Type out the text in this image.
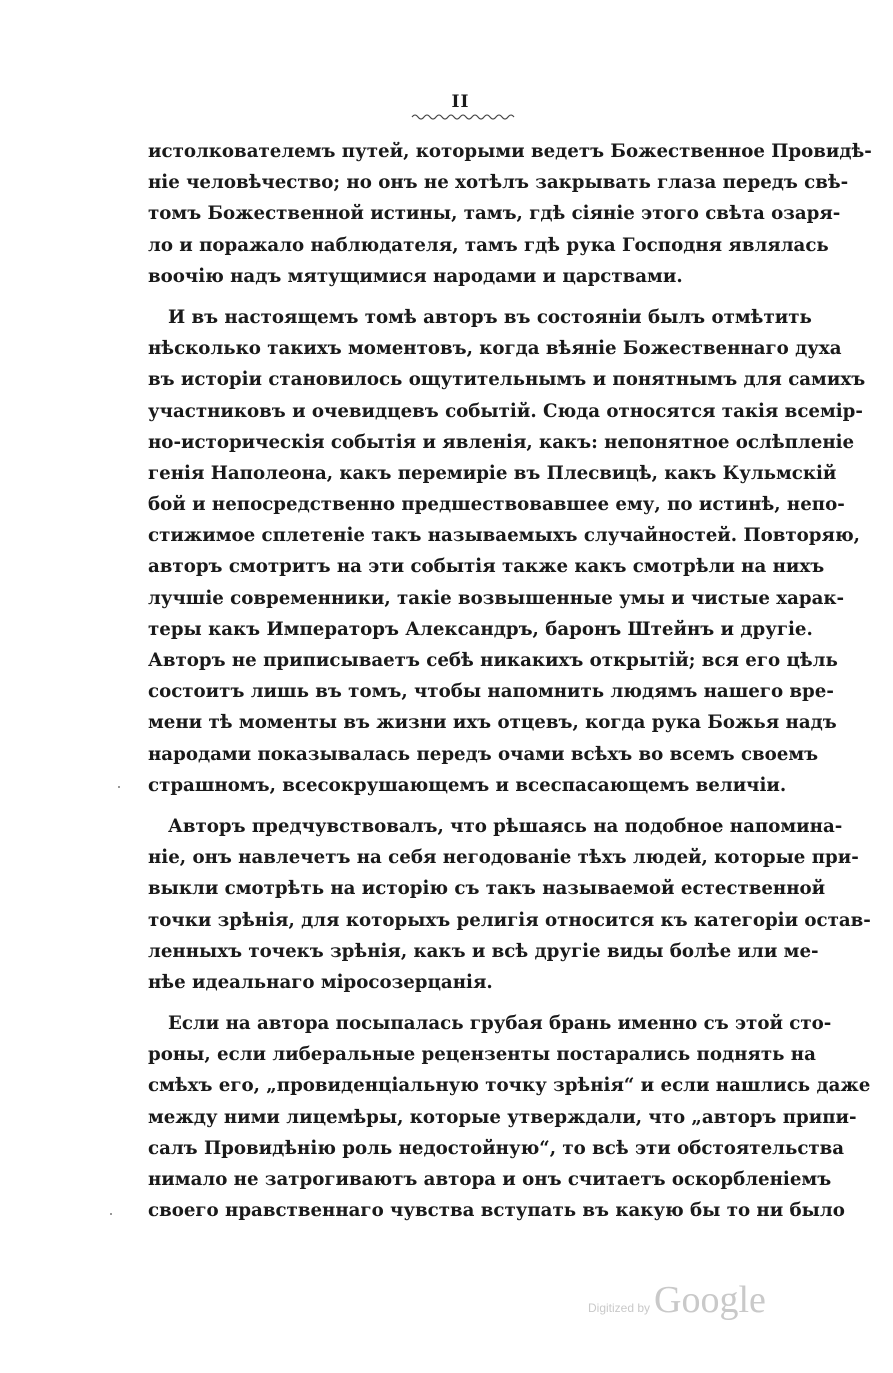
II
истолкователемъ путей, которыми ведетъ Божественное Провидѣ-
ніе человѣчество; но онъ не хотѣлъ закрывать глаза передъ свѣ-
томъ Божественной истины, тамъ, гдѣ сіяніе этого свѣта озаря-
ло и поражало наблюдателя, тамъ гдѣ рука Господня являлась
воочію надъ мятущимися народами и царствами.
И въ настоящемъ томѣ авторъ въ состояніи былъ отмѣтить
нѣсколько такихъ моментовъ, когда вѣяніе Божественнаго духа
въ исторіи становилось ощутительнымъ и понятнымъ для самихъ
участниковъ и очевидцевъ событій. Сюда относятся такія всемір-
но-историческія событія и явленія, какъ: непонятное ослѣпленіе
генія Наполеона, какъ перемиріе въ Плесвицѣ, какъ Кульмскій
бой и непосредственно предшествовавшее ему, по истинѣ, непо-
стижимое сплетеніе такъ называемыхъ случайностей. Повторяю,
авторъ смотритъ на эти событія также какъ смотрѣли на нихъ
лучшіе современники, такіе возвышенные умы и чистые харак-
теры какъ Императоръ Александръ, баронъ Штейнъ и другіе.
Авторъ не приписываетъ себѣ никакихъ открытій; вся его цѣль
состоитъ лишь въ томъ, чтобы напомнить людямъ нашего вре-
мени тѣ моменты въ жизни ихъ отцевъ, когда рука Божья надъ
народами показывалась передъ очами всѣхъ во всемъ своемъ
страшномъ, всесокрушающемъ и всеспасающемъ величіи.
Авторъ предчувствовалъ, что рѣшаясь на подобное напомина-
ніе, онъ навлечетъ на себя негодованіе тѣхъ людей, которые при-
выкли смотрѣть на исторію съ такъ называемой естественной
точки зрѣнія, для которыхъ религія относится къ категоріи остав-
ленныхъ точекъ зрѣнія, какъ и всѣ другіе виды болѣе или ме-
нѣе идеальнаго міросозерцанія.
Если на автора посыпалась грубая брань именно съ этой сто-
роны, если либеральные рецензенты постарались поднять на
смѣхъ его, „провиденціальную точку зрѣнія“ и если нашлись даже
между ними лицемѣры, которые утверждали, что „авторъ припи-
салъ Провидѣнію роль недостойную“, то всѣ эти обстоятельства
нимало не затрогиваютъ автора и онъ считаетъ оскорбленіемъ
своего нравственнаго чувства вступать въ какую бы то ни было
Digitized by Google
